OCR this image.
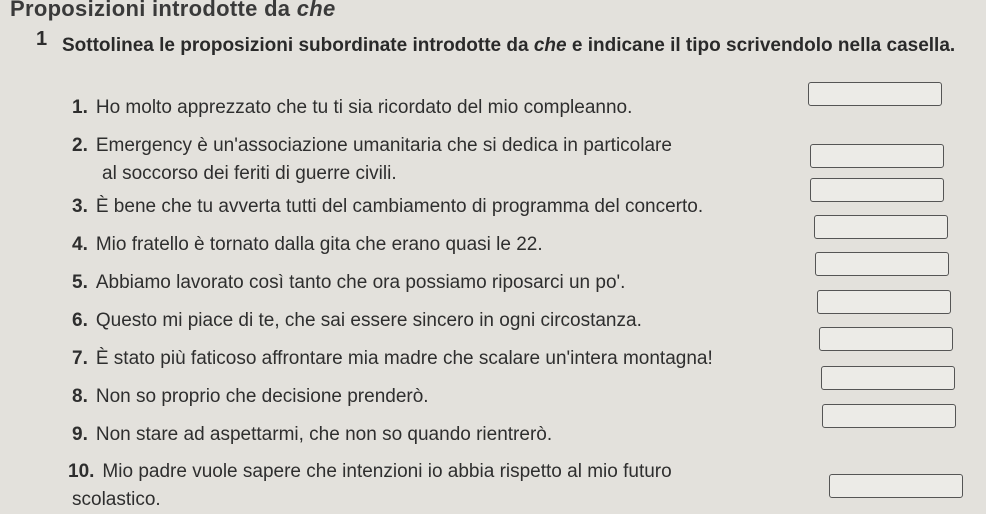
Proposizioni introdotte da che
1 Sottolinea le proposizioni subordinate introdotte da che e indicane il tipo scrivendolo nella casella.
1. Ho molto apprezzato che tu ti sia ricordato del mio compleanno.
2. Emergency è un'associazione umanitaria che si dedica in particolare
al soccorso dei feriti di guerre civili.
3. È bene che tu avverta tutti del cambiamento di programma del concerto.
4. Mio fratello è tornato dalla gita che erano quasi le 22.
5. Abbiamo lavorato così tanto che ora possiamo riposarci un po'.
6. Questo mi piace di te, che sai essere sincero in ogni circostanza.
7. È stato più faticoso affrontare mia madre che scalare un'intera montagna!
8. Non so proprio che decisione prenderò.
9. Non stare ad aspettarmi, che non so quando rientrerò.
10. Mio padre vuole sapere che intenzioni io abbia rispetto al mio futuro
scolastico.
